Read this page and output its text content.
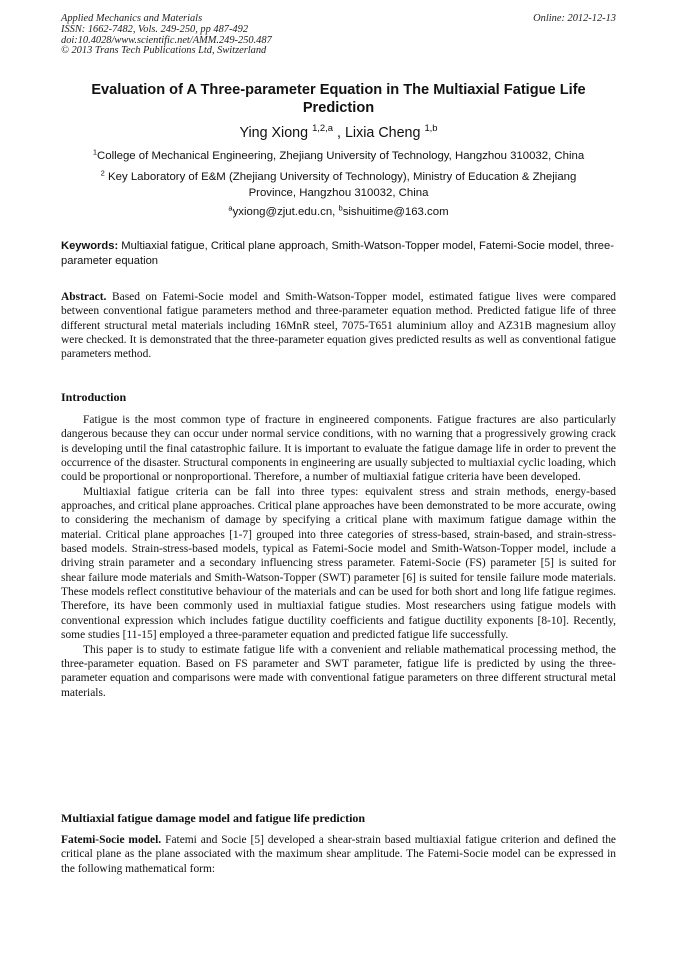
Applied Mechanics and Materials
ISSN: 1662-7482, Vols. 249-250, pp 487-492
doi:10.4028/www.scientific.net/AMM.249-250.487
© 2013 Trans Tech Publications Ltd, Switzerland
Online: 2012-12-13
Evaluation of A Three-parameter Equation in The Multiaxial Fatigue Life
Prediction
Ying Xiong $^{1,2,a}$ , Lixia Cheng $^{1,b}$
$^1$College of Mechanical Engineering, Zhejiang University of Technology, Hangzhou 310032, China
$^2$ Key Laboratory of E&M (Zhejiang University of Technology), Ministry of Education & Zhejiang
Province, Hangzhou 310032, China
$^a$yxiong@zjut.edu.cn, $^b$sishuitime@163.com
Keywords: Multiaxial fatigue, Critical plane approach, Smith-Watson-Topper model, Fatemi-Socie model, three-parameter equation
Abstract. Based on Fatemi-Socie model and Smith-Watson-Topper model, estimated fatigue lives were compared between conventional fatigue parameters method and three-parameter equation method. Predicted fatigue life of three different structural metal materials including 16MnR steel, 7075-T651 aluminium alloy and AZ31B magnesium alloy were checked. It is demonstrated that the three-parameter equation gives predicted results as well as conventional fatigue parameters method.
Introduction

Fatigue is the most common type of fracture in engineered components. Fatigue fractures are also particularly dangerous because they can occur under normal service conditions, with no warning that a progressively growing crack is developing until the final catastrophic failure. It is important to evaluate the fatigue damage life in order to prevent the occurrence of the disaster. Structural components in engineering are usually subjected to multiaxial cyclic loading, which could be proportional or nonproportional. Therefore, a number of multiaxial fatigue criteria have been developed.

Multiaxial fatigue criteria can be fall into three types: equivalent stress and strain methods, energy-based approaches, and critical plane approaches. Critical plane approaches have been demonstrated to be more accurate, owing to considering the mechanism of damage by specifying a critical plane with maximum fatigue damage within the material. Critical plane approaches [1-7] grouped into three categories of stress-based, strain-based, and strain-stress-based models. Strain-stress-based models, typical as Fatemi-Socie model and Smith-Watson-Topper model, include a driving strain parameter and a secondary influencing stress parameter. Fatemi-Socie (FS) parameter [5] is suited for shear failure mode materials and Smith-Watson-Topper (SWT) parameter [6] is suited for tensile failure mode materials. These models reflect constitutive behaviour of the materials and can be used for both short and long life fatigue regimes. Therefore, its have been commonly used in multiaxial fatigue studies. Most researchers using fatigue models with conventional expression which includes fatigue ductility coefficients and fatigue ductility exponents [8-10]. Recently, some studies [11-15] employed a three-parameter equation and predicted fatigue life successfully.

This paper is to study to estimate fatigue life with a convenient and reliable mathematical processing method, the three-parameter equation. Based on FS parameter and SWT parameter, fatigue life is predicted by using the three-parameter equation and comparisons were made with conventional fatigue parameters on three different structural metal materials.

Multiaxial fatigue damage model and fatigue life prediction
Fatemi-Socie model. Fatemi and Socie [5] developed a shear-strain based multiaxial fatigue criterion and defined the critical plane as the plane associated with the maximum shear amplitude. The Fatemi-Socie model can be expressed in the following mathematical form:
